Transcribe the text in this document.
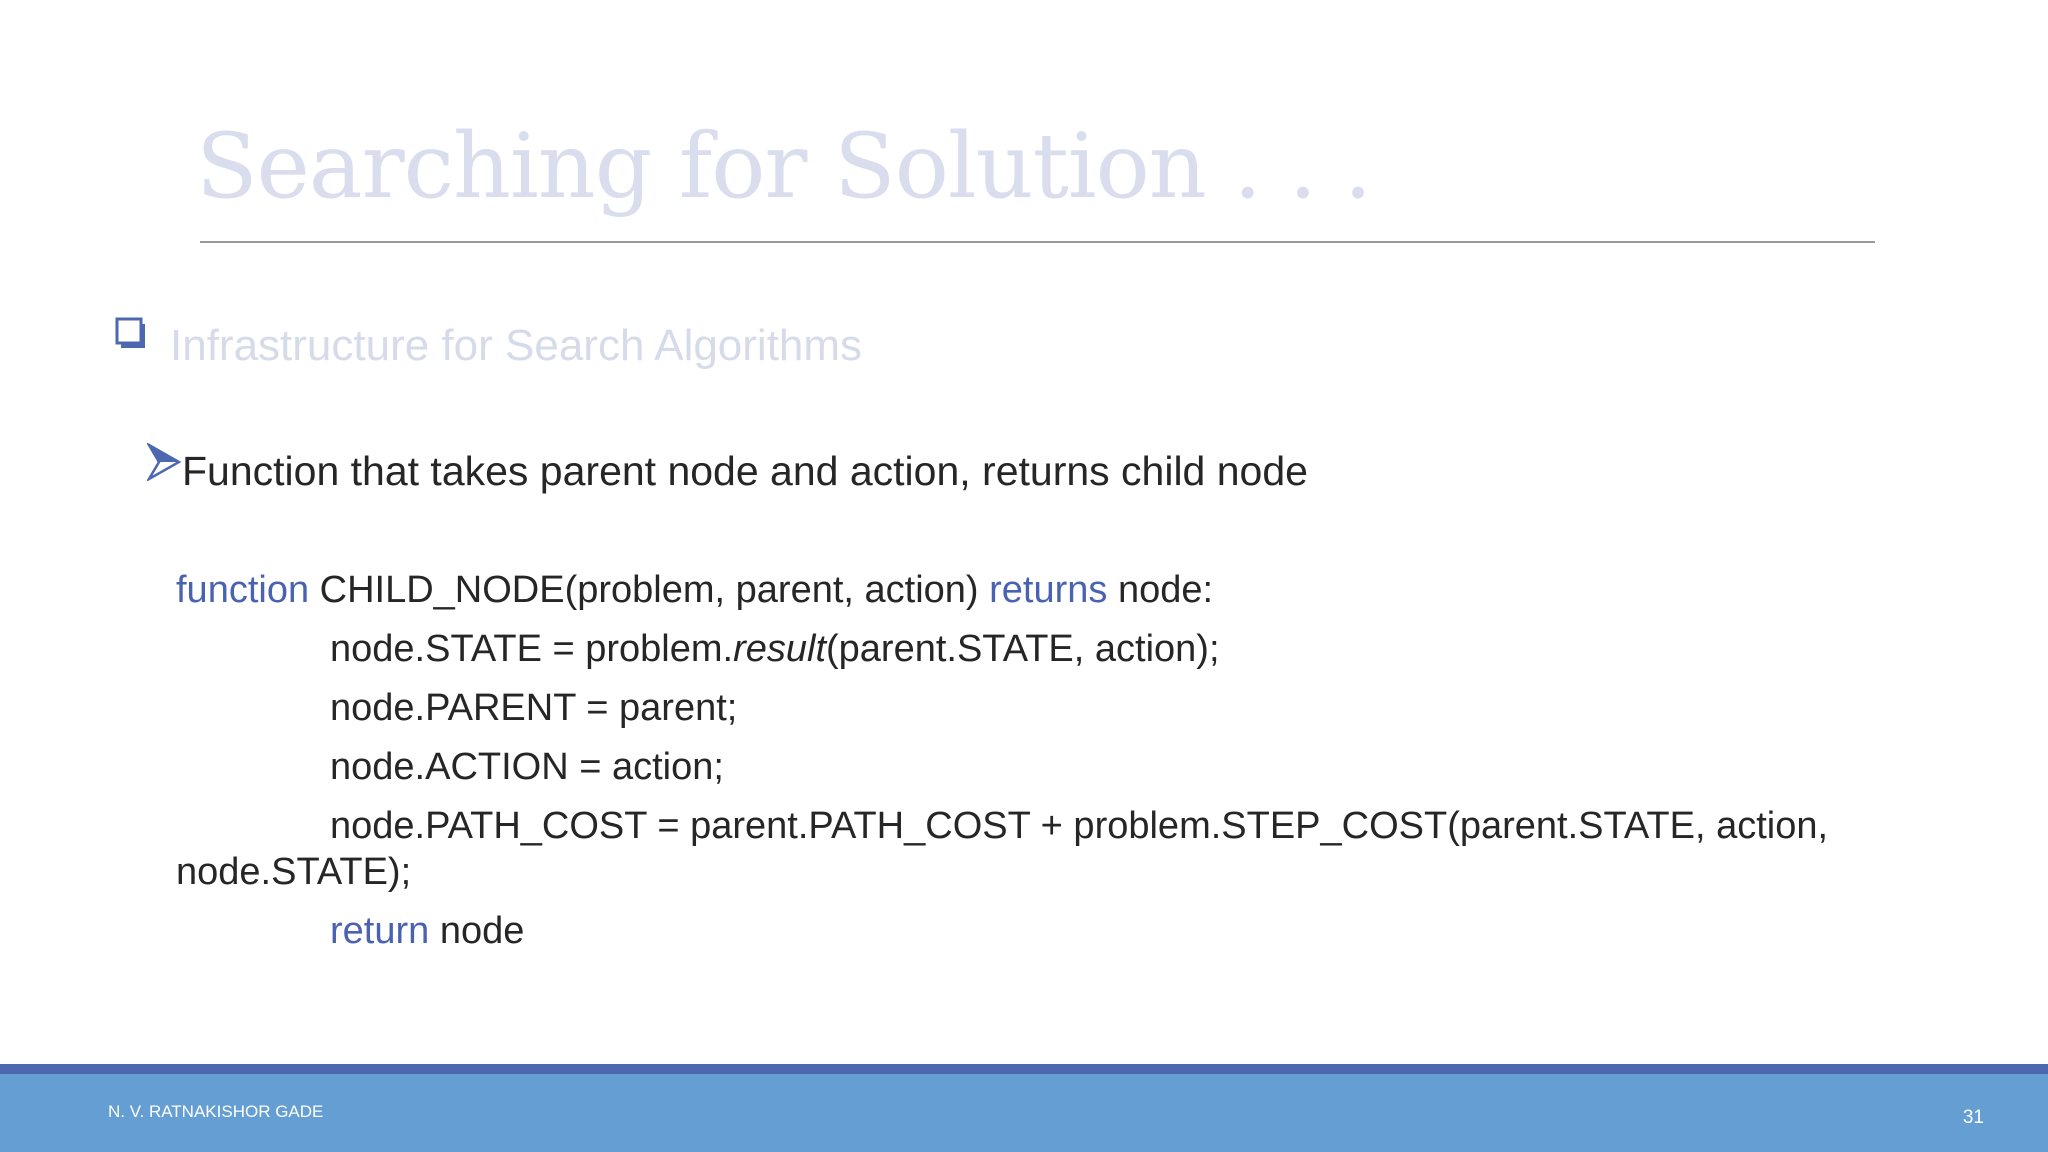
Searching for Solution . . .
Infrastructure for Search Algorithms
Function that takes parent node and action, returns child node
function CHILD_NODE(problem, parent, action) returns node:
node.STATE = problem.result(parent.STATE, action);
node.PARENT = parent;
node.ACTION = action;
node.PATH_COST = parent.PATH_COST + problem.STEP_COST(parent.STATE, action,
node.STATE);
return node
N. V. RATNAKISHOR GADE	31
